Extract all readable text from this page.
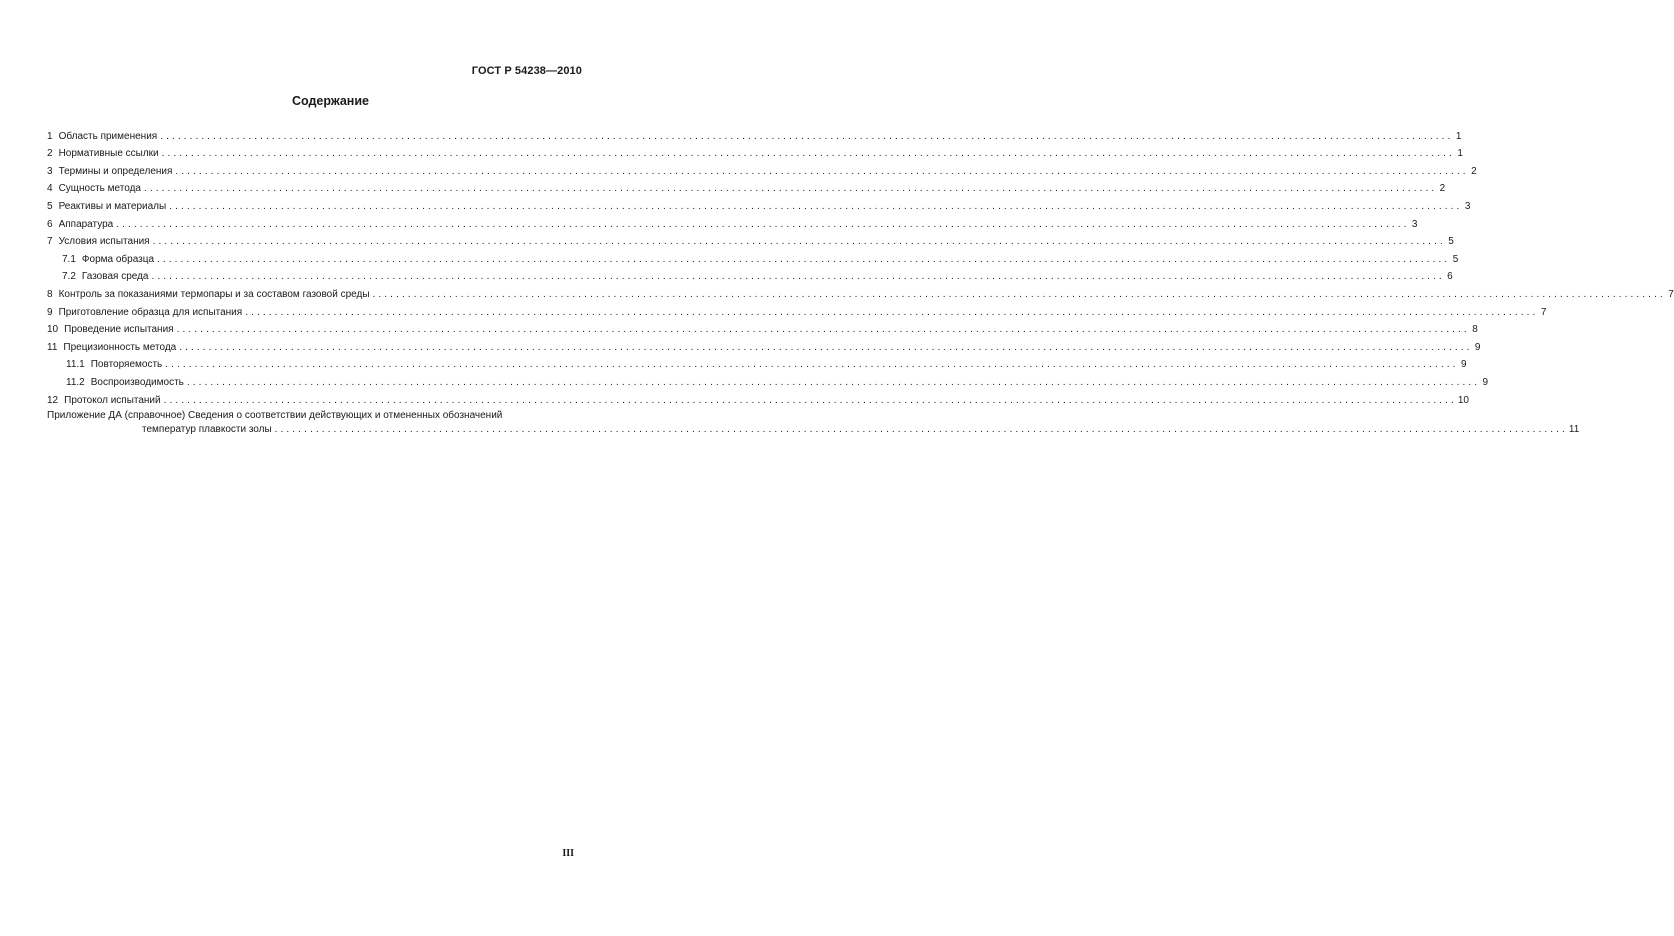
ГОСТ Р 54238—2010
Содержание
1 Область применения ............................................................................................................................................................................................................................ 1
2 Нормативные ссылки ............................................................................................................................................................................................................................ 1
3 Термины и определения ............................................................................................................................................................................................................................ 2
4 Сущность метода ............................................................................................................................................................................................................................ 2
5 Реактивы и материалы ............................................................................................................................................................................................................................ 3
6 Аппаратура ............................................................................................................................................................................................................................ 3
7 Условия испытания ............................................................................................................................................................................................................................ 5
7.1 Форма образца ............................................................................................................................................................................................................................ 5
7.2 Газовая среда ............................................................................................................................................................................................................................ 6
8 Контроль за показаниями термопары и за составом газовой среды ............................................................................................................................................................................................................................ 7
9 Приготовление образца для испытания ............................................................................................................................................................................................................................ 7
10 Проведение испытания ............................................................................................................................................................................................................................ 8
11 Прецизионность метода ............................................................................................................................................................................................................................ 9
11.1 Повторяемость ............................................................................................................................................................................................................................ 9
11.2 Воспроизводимость ............................................................................................................................................................................................................................ 9
12 Протокол испытаний ............................................................................................................................................................................................................................ 10
Приложение ДА (справочное) Сведения о соответствии действующих и отмененных обозначений
температур плавкости золы ............................................................................................................................................................................................................................ 11
III
